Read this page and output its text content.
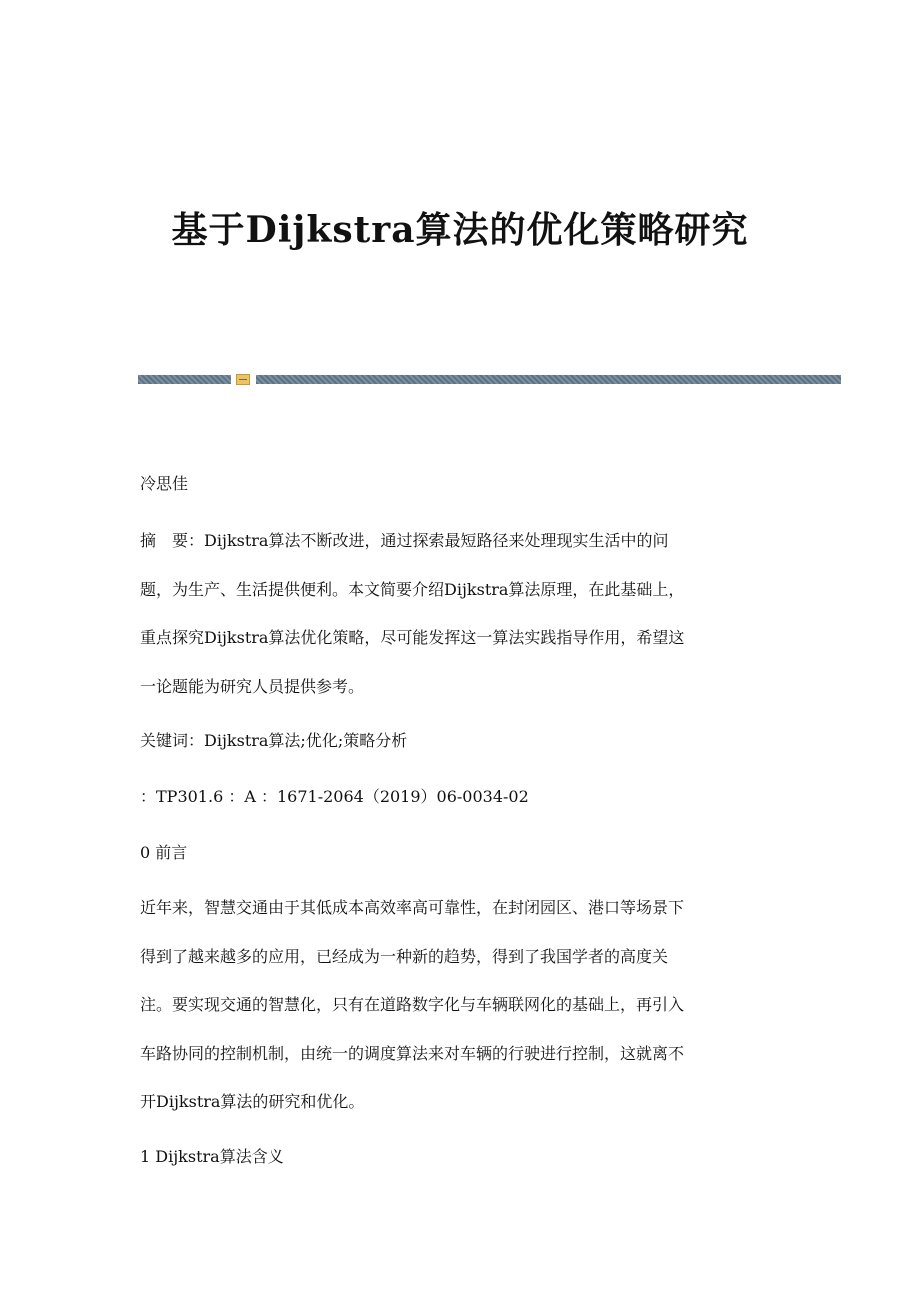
基于Dijkstra算法的优化策略研究
冷思佳
摘 要：Dijkstra算法不断改进，通过探索最短路径来处理现实生活中的问
题，为生产、生活提供便利。本文简要介绍Dijkstra算法原理，在此基础上，
重点探究Dijkstra算法优化策略，尽可能发挥这一算法实践指导作用，希望这
一论题能为研究人员提供参考。
关键词：Dijkstra算法;优化;策略分析
：TP301.6 ：A ：1671-2064（2019）06-0034-02
0 前言
近年来，智慧交通由于其低成本高效率高可靠性，在封闭园区、港口等场景下
得到了越来越多的应用，已经成为一种新的趋势，得到了我国学者的高度关
注。要实现交通的智慧化，只有在道路数字化与车辆联网化的基础上，再引入
车路协同的控制机制，由统一的调度算法来对车辆的行驶进行控制，这就离不
开Dijkstra算法的研究和优化。
1 Dijkstra算法含义
